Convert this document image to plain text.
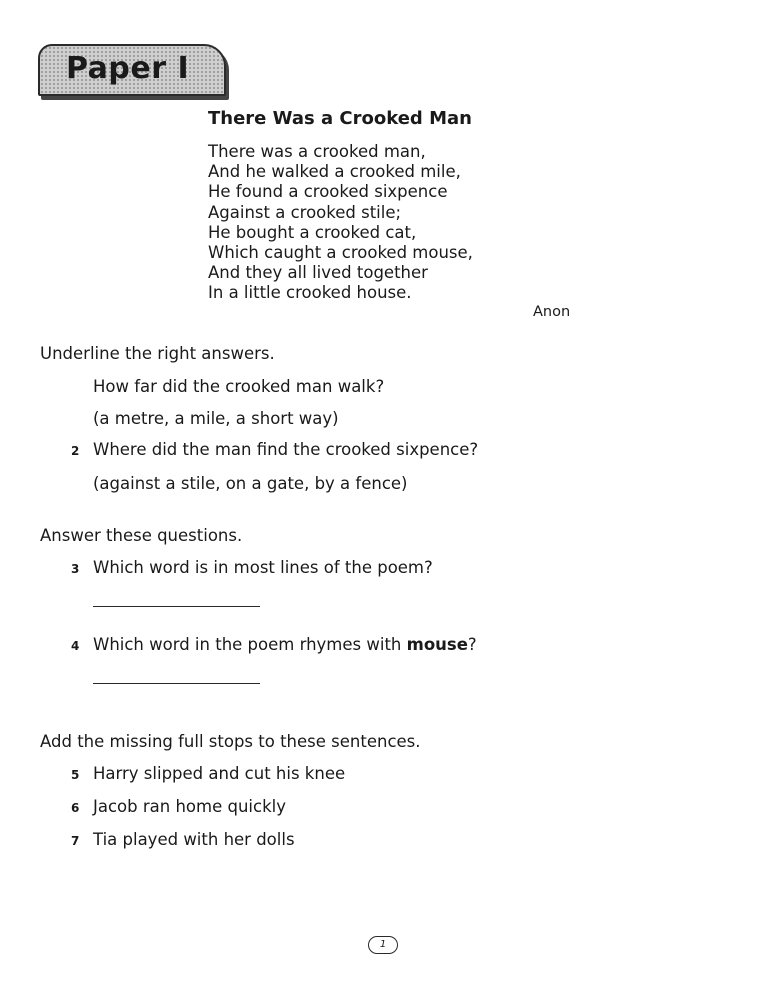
Paper I
There Was a Crooked Man
There was a crooked man,
And he walked a crooked mile,
He found a crooked sixpence
Against a crooked stile;
He bought a crooked cat,
Which caught a crooked mouse,
And they all lived together
In a little crooked house.
Anon
Underline the right answers.
How far did the crooked man walk?
(a metre, a mile, a short way)
2 Where did the man find the crooked sixpence?
(against a stile, on a gate, by a fence)
Answer these questions.
3 Which word is in most lines of the poem?
4 Which word in the poem rhymes with mouse?
Add the missing full stops to these sentences.
5 Harry slipped and cut his knee
6 Jacob ran home quickly
7 Tia played with her dolls
1
